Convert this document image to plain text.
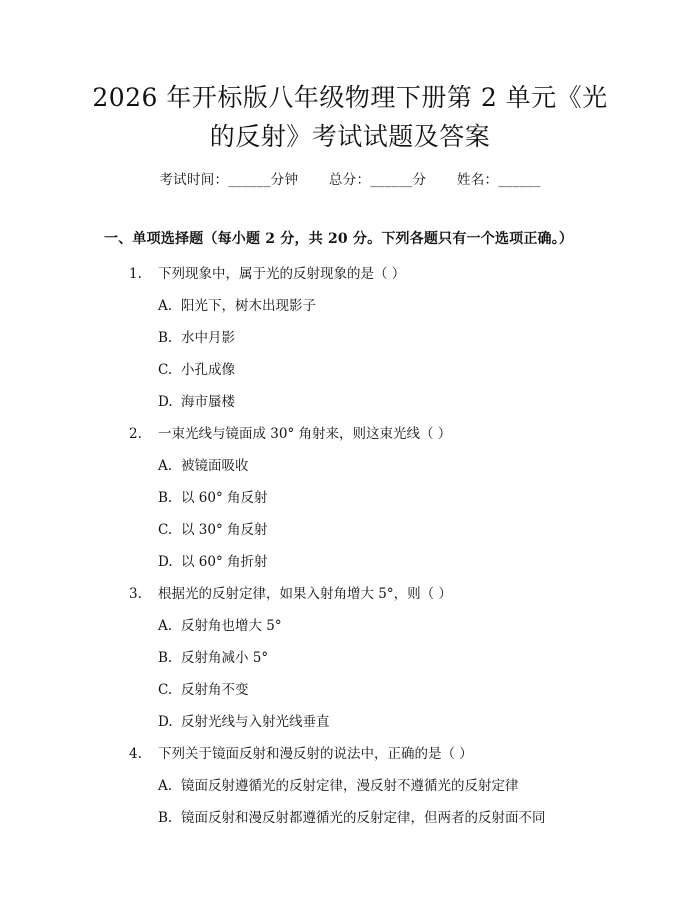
2026 年开标版八年级物理下册第 2 单元《光
的反射》考试试题及答案
考试时间：______分钟 总分：______分 姓名：______
一、单项选择题（每小题 2 分，共 20 分。下列各题只有一个选项正确。）
1. 下列现象中，属于光的反射现象的是（ ）
A. 阳光下，树木出现影子
B. 水中月影
C. 小孔成像
D. 海市蜃楼
2. 一束光线与镜面成 30° 角射来，则这束光线（ ）
A. 被镜面吸收
B. 以 60° 角反射
C. 以 30° 角反射
D. 以 60° 角折射
3. 根据光的反射定律，如果入射角增大 5°，则（ ）
A. 反射角也增大 5°
B. 反射角减小 5°
C. 反射角不变
D. 反射光线与入射光线垂直
4. 下列关于镜面反射和漫反射的说法中，正确的是（ ）
A. 镜面反射遵循光的反射定律，漫反射不遵循光的反射定律
B. 镜面反射和漫反射都遵循光的反射定律，但两者的反射面不同
